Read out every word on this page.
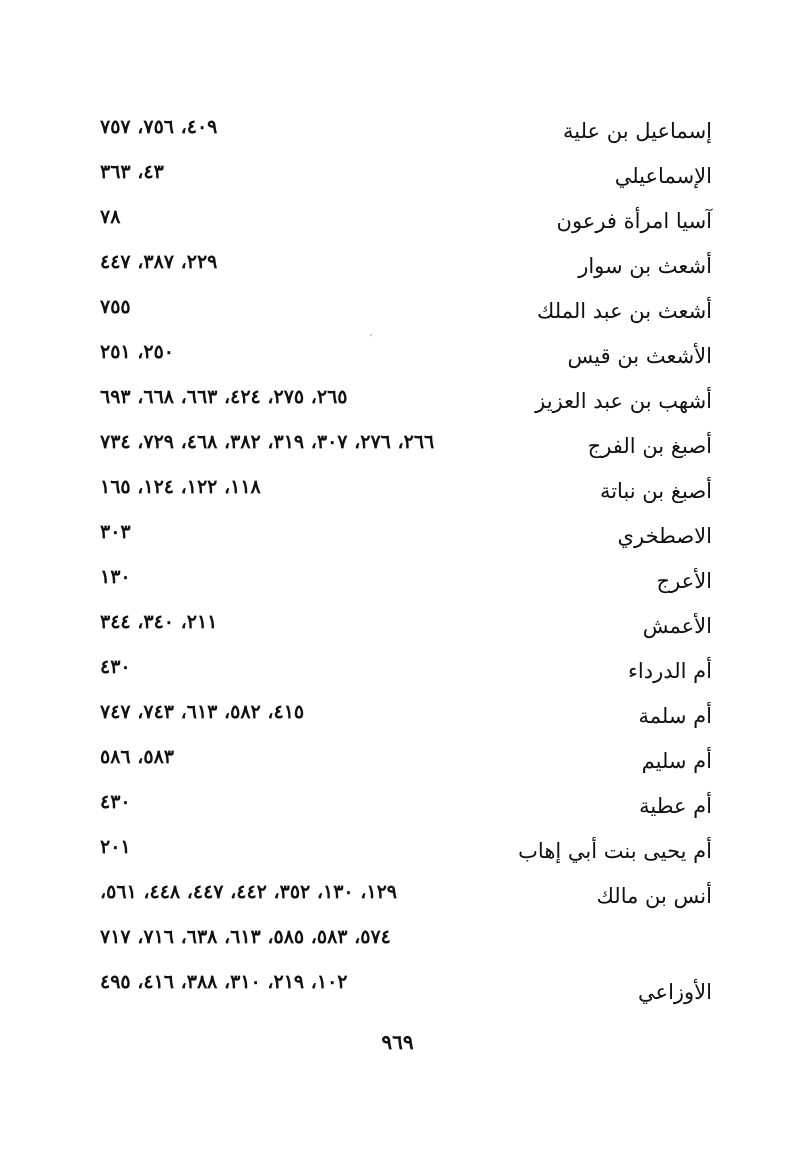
′
إسماعيل بن علية
٤٠٩، ٧٥٦، ٧٥٧
الإسماعيلي
٤٣، ٣٦٣
آسيا امرأة فرعون
٧٨
أشعث بن سوار
٢٢٩، ٣٨٧، ٤٤٧
أشعث بن عبد الملك
٧٥٥
الأشعث بن قيس
٢٥٠، ٢٥١
أشهب بن عبد العزيز
٢٦٥، ٢٧٥، ٤٢٤، ٦٦٣، ٦٦٨، ٦٩٣
أصبغ بن الفرج
٢٦٦، ٢٧٦، ٣٠٧، ٣١٩، ٣٨٢، ٤٦٨، ٧٢٩، ٧٣٤
أصبغ بن نباتة
١١٨، ١٢٢، ١٢٤، ١٦٥
الاصطخري
٣٠٣
الأعرج
١٣٠
الأعمش
٢١١، ٣٤٠، ٣٤٤
أم الدرداء
٤٣٠
أم سلمة
٤١٥، ٥٨٢، ٦١٣، ٧٤٣، ٧٤٧
أم سليم
٥٨٣، ٥٨٦
أم عطية
٤٣٠
أم يحيى بنت أبي إهاب
٢٠١
أنس بن مالك
١٢٩، ١٣٠، ٣٥٢، ٤٤٢، ٤٤٧، ٤٤٨، ٥٦١،
٥٧٤، ٥٨٣، ٥٨٥، ٦١٣، ٦٣٨، ٧١٦، ٧١٧
الأوزاعي
١٠٢، ٢١٩، ٣١٠، ٣٨٨، ٤١٦، ٤٩٥
٩٦٩
